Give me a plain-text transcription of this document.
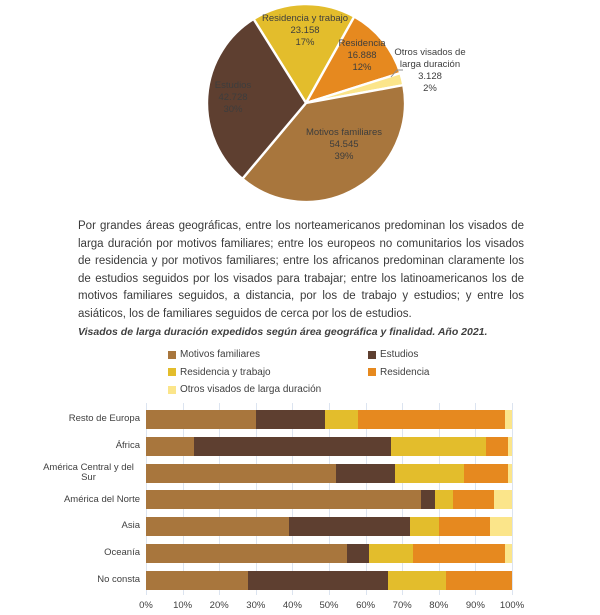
Residencia y trabajo 23.158 17%	Residencia 16.888 12%
Otros visados de larga duración 3.128 2%
Motivos familiares 54.545 39%
Estudios 42.728 30%

Por grandes áreas geográficas, entre los norteamericanos predominan los visados de larga duración por motivos familiares; entre los europeos no comunitarios los visados de residencia y por motivos familiares; entre los africanos predominan claramente los de estudios seguidos por los visados para trabajar; entre los latinoamericanos los de motivos familiares seguidos, a distancia, por los de trabajo y estudios; y entre los asiáticos, los de familiares seguidos de cerca por los de estudios.

Visados de larga duración expedidos según área geográfica y finalidad. Año 2021.
Motivos familiares	Estudios
Residencia y trabajo	Residencia
Otros visados de larga duración
Resto de Europa
África
América Central y del Sur
América del Norte
Asia
Oceanía
No consta
0%	10%	20%	30%	40%	50%	60%	70%	80%	90%	100%
